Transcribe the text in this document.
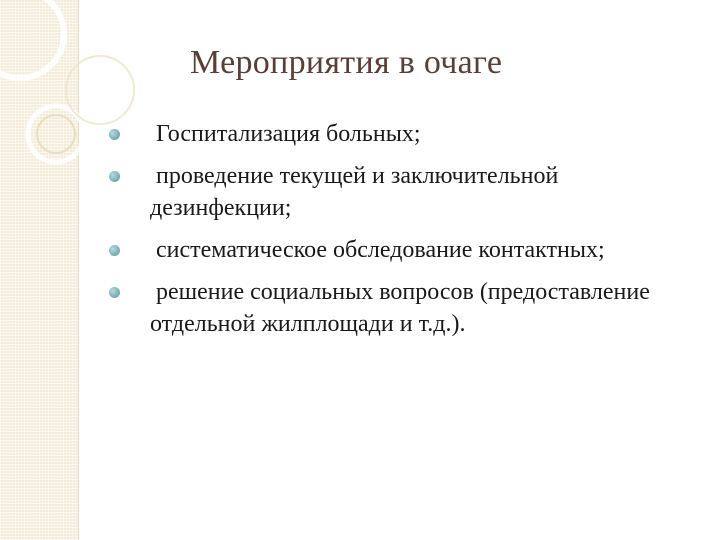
Мероприятия в очаге
Госпитализация больных;
проведение текущей и заключительной дезинфекции;
систематическое обследование контактных;
решение социальных вопросов (предоставление отдельной жилплощади и т.д.).
